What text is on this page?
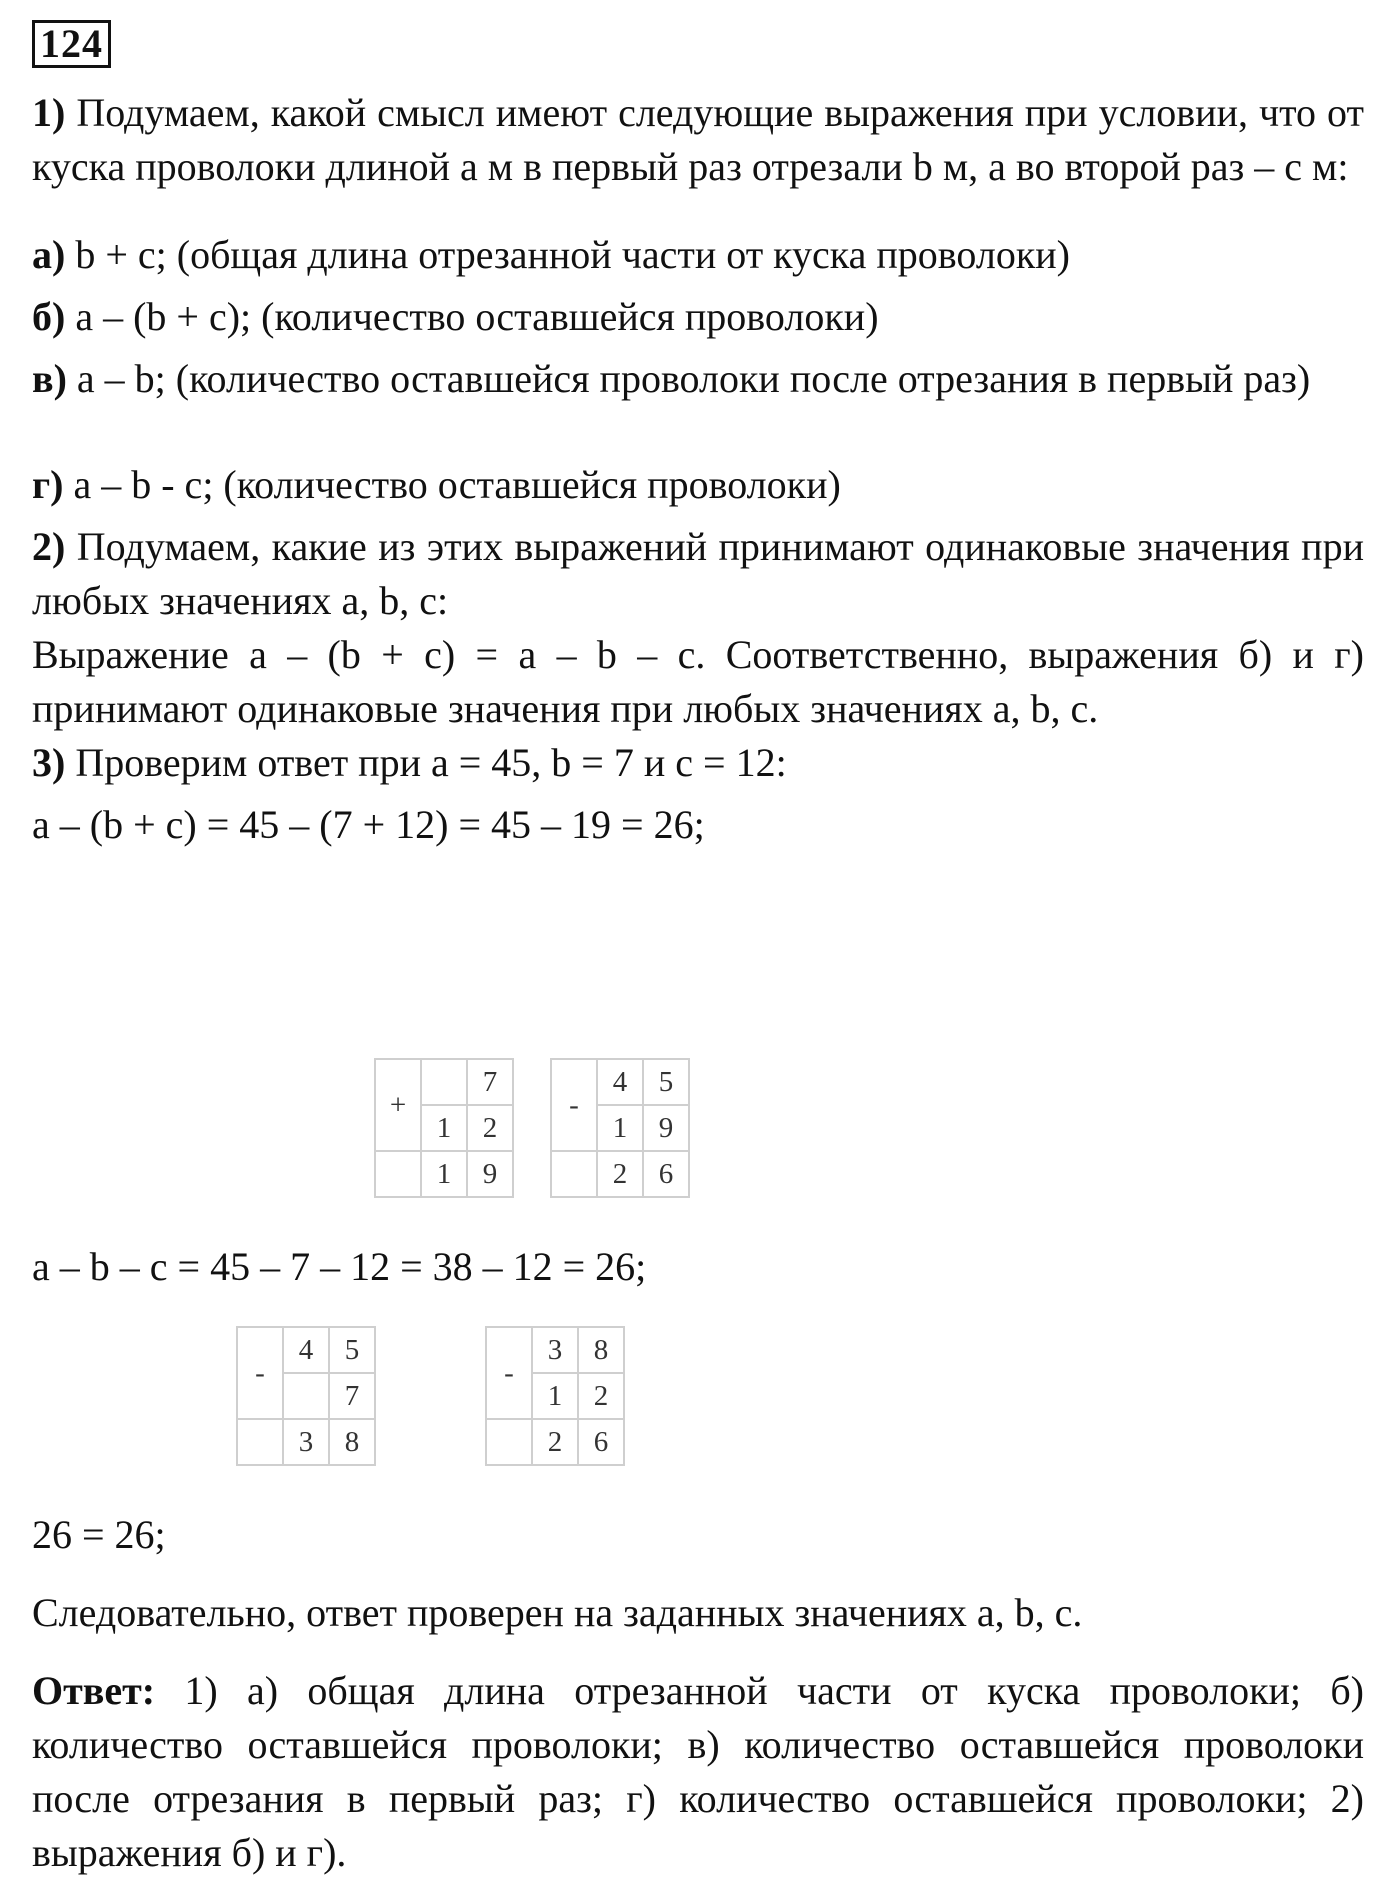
124

1) Подумаем, какой смысл имеют следующие выражения при условии, что от куска проволоки длиной a м в первый раз отрезали b м, а во второй раз – c м:

а) b + c; (общая длина отрезанной части от куска проволоки)

б) a – (b + c); (количество оставшейся проволоки)

в) a – b; (количество оставшейся проволоки после отрезания в первый раз)

г) a – b - c; (количество оставшейся проволоки)

2) Подумаем, какие из этих выражений принимают одинаковые значения при любых значениях a, b, c:

Выражение a – (b + c) = a – b – c. Соответственно, выражения б) и г) принимают одинаковые значения при любых значениях a, b, c.

3) Проверим ответ при a = 45, b = 7 и c = 12:

a – (b + c) = 45 – (7 + 12) = 45 – 19 = 26;

+		7
	1	2
	1	9
-	4	5
	1	9
	2	6

a – b – c = 45 – 7 – 12 = 38 – 12 = 26;

-	4	5
		7
	3	8
-	3	8
	1	2
	2	6

26 = 26;

Следовательно, ответ проверен на заданных значениях a, b, c.

Ответ: 1) а) общая длина отрезанной части от куска проволоки; б) количество оставшейся проволоки; в) количество оставшейся проволоки после отрезания в первый раз; г) количество оставшейся проволоки; 2) выражения б) и г).
